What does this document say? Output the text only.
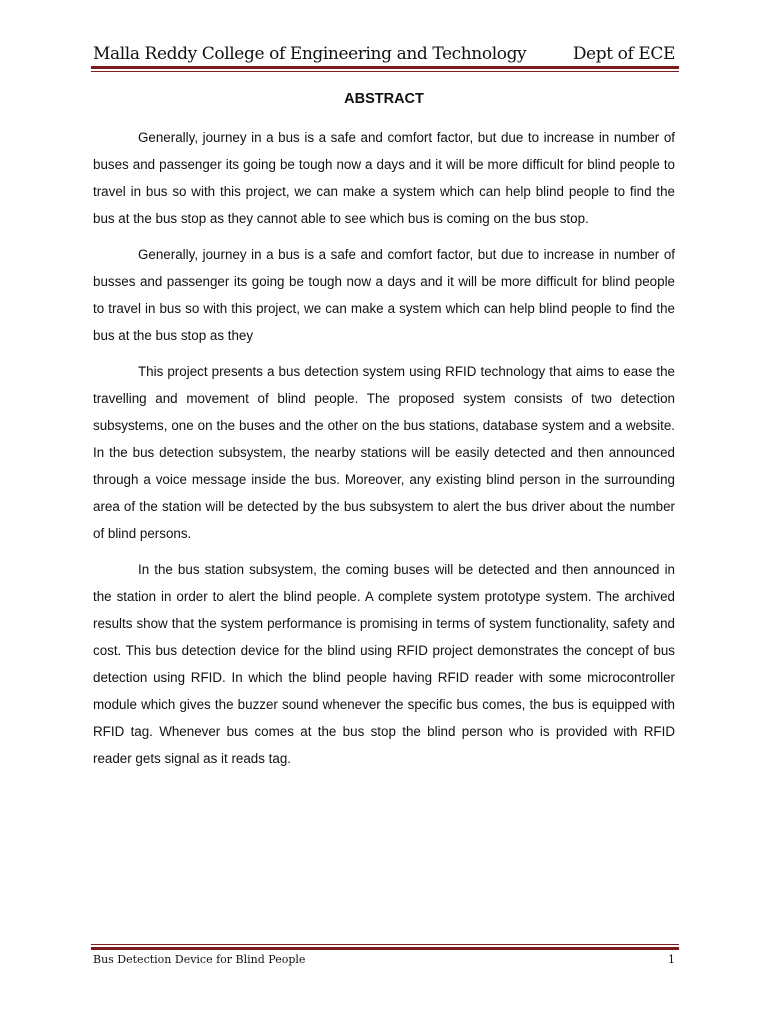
Malla Reddy College of Engineering and Technology	Dept of ECE
ABSTRACT

Generally, journey in a bus is a safe and comfort factor, but due to increase in number of buses and passenger its going be tough now a days and it will be more difficult for blind people to travel in bus so with this project, we can make a system which can help blind people to find the bus at the bus stop as they cannot able to see which bus is coming on the bus stop.

Generally, journey in a bus is a safe and comfort factor, but due to increase in number of busses and passenger its going be tough now a days and it will be more difficult for blind people to travel in bus so with this project, we can make a system which can help blind people to find the bus at the bus stop as they

This project presents a bus detection system using RFID technology that aims to ease the travelling and movement of blind people. The proposed system consists of two detection subsystems, one on the buses and the other on the bus stations, database system and a website. In the bus detection subsystem, the nearby stations will be easily detected and then announced through a voice message inside the bus. Moreover, any existing blind person in the surrounding area of the station will be detected by the bus subsystem to alert the bus driver about the number of blind persons.

In the bus station subsystem, the coming buses will be detected and then announced in the station in order to alert the blind people. A complete system prototype system. The archived results show that the system performance is promising in terms of system functionality, safety and cost. This bus detection device for the blind using RFID project demonstrates the concept of bus detection using RFID. In which the blind people having RFID reader with some microcontroller module which gives the buzzer sound whenever the specific bus comes, the bus is equipped with RFID tag. Whenever bus comes at the bus stop the blind person who is provided with RFID reader gets signal as it reads tag.

Bus Detection Device for Blind People	1
